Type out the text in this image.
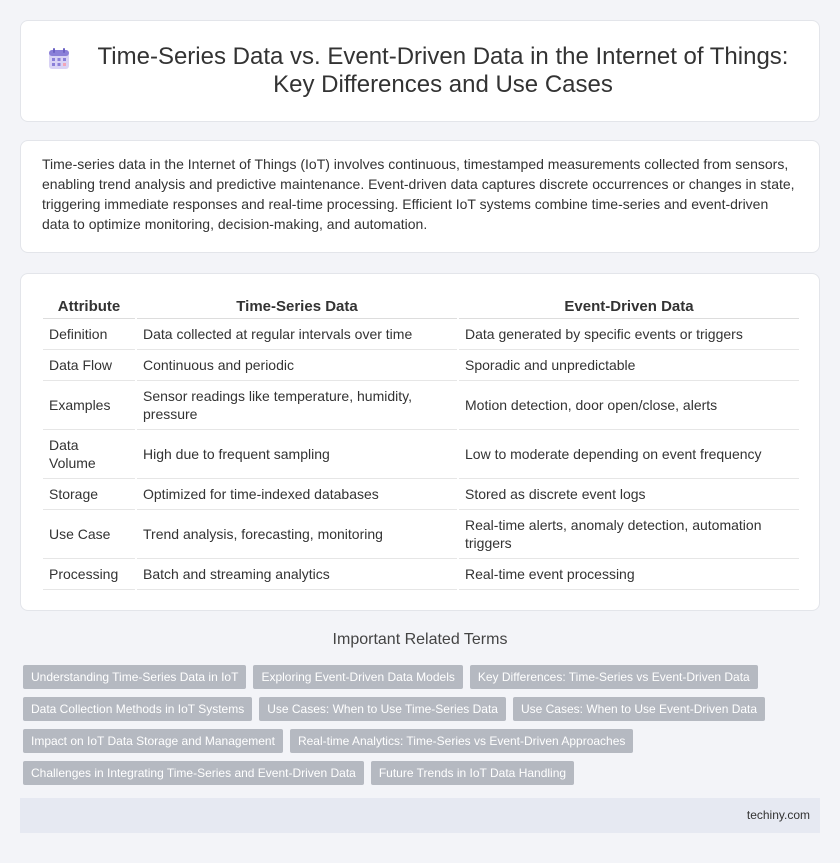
Time-Series Data vs. Event-Driven Data in the Internet of Things: Key Differences and Use Cases

Time-series data in the Internet of Things (IoT) involves continuous, timestamped measurements collected from sensors, enabling trend analysis and predictive maintenance. Event-driven data captures discrete occurrences or changes in state, triggering immediate responses and real-time processing. Efficient IoT systems combine time-series and event-driven data to optimize monitoring, decision-making, and automation.

Attribute		Time-Series Data		Event-Driven Data
Definition		Data collected at regular intervals over time		Data generated by specific events or triggers
Data Flow		Continuous and periodic		Sporadic and unpredictable
Examples		Sensor readings like temperature, humidity, pressure		Motion detection, door open/close, alerts
Data Volume		High due to frequent sampling		Low to moderate depending on event frequency
Storage		Optimized for time-indexed databases		Stored as discrete event logs
Use Case		Trend analysis, forecasting, monitoring		Real-time alerts, anomaly detection, automation triggers
Processing		Batch and streaming analytics		Real-time event processing
Important Related Terms
Understanding Time-Series Data in IoT	Exploring Event-Driven Data Models	Key Differences: Time-Series vs Event-Driven Data
Data Collection Methods in IoT Systems	Use Cases: When to Use Time-Series Data	Use Cases: When to Use Event-Driven Data
Impact on IoT Data Storage and Management	Real-time Analytics: Time-Series vs Event-Driven Approaches
Challenges in Integrating Time-Series and Event-Driven Data	Future Trends in IoT Data Handling
techiny.com
